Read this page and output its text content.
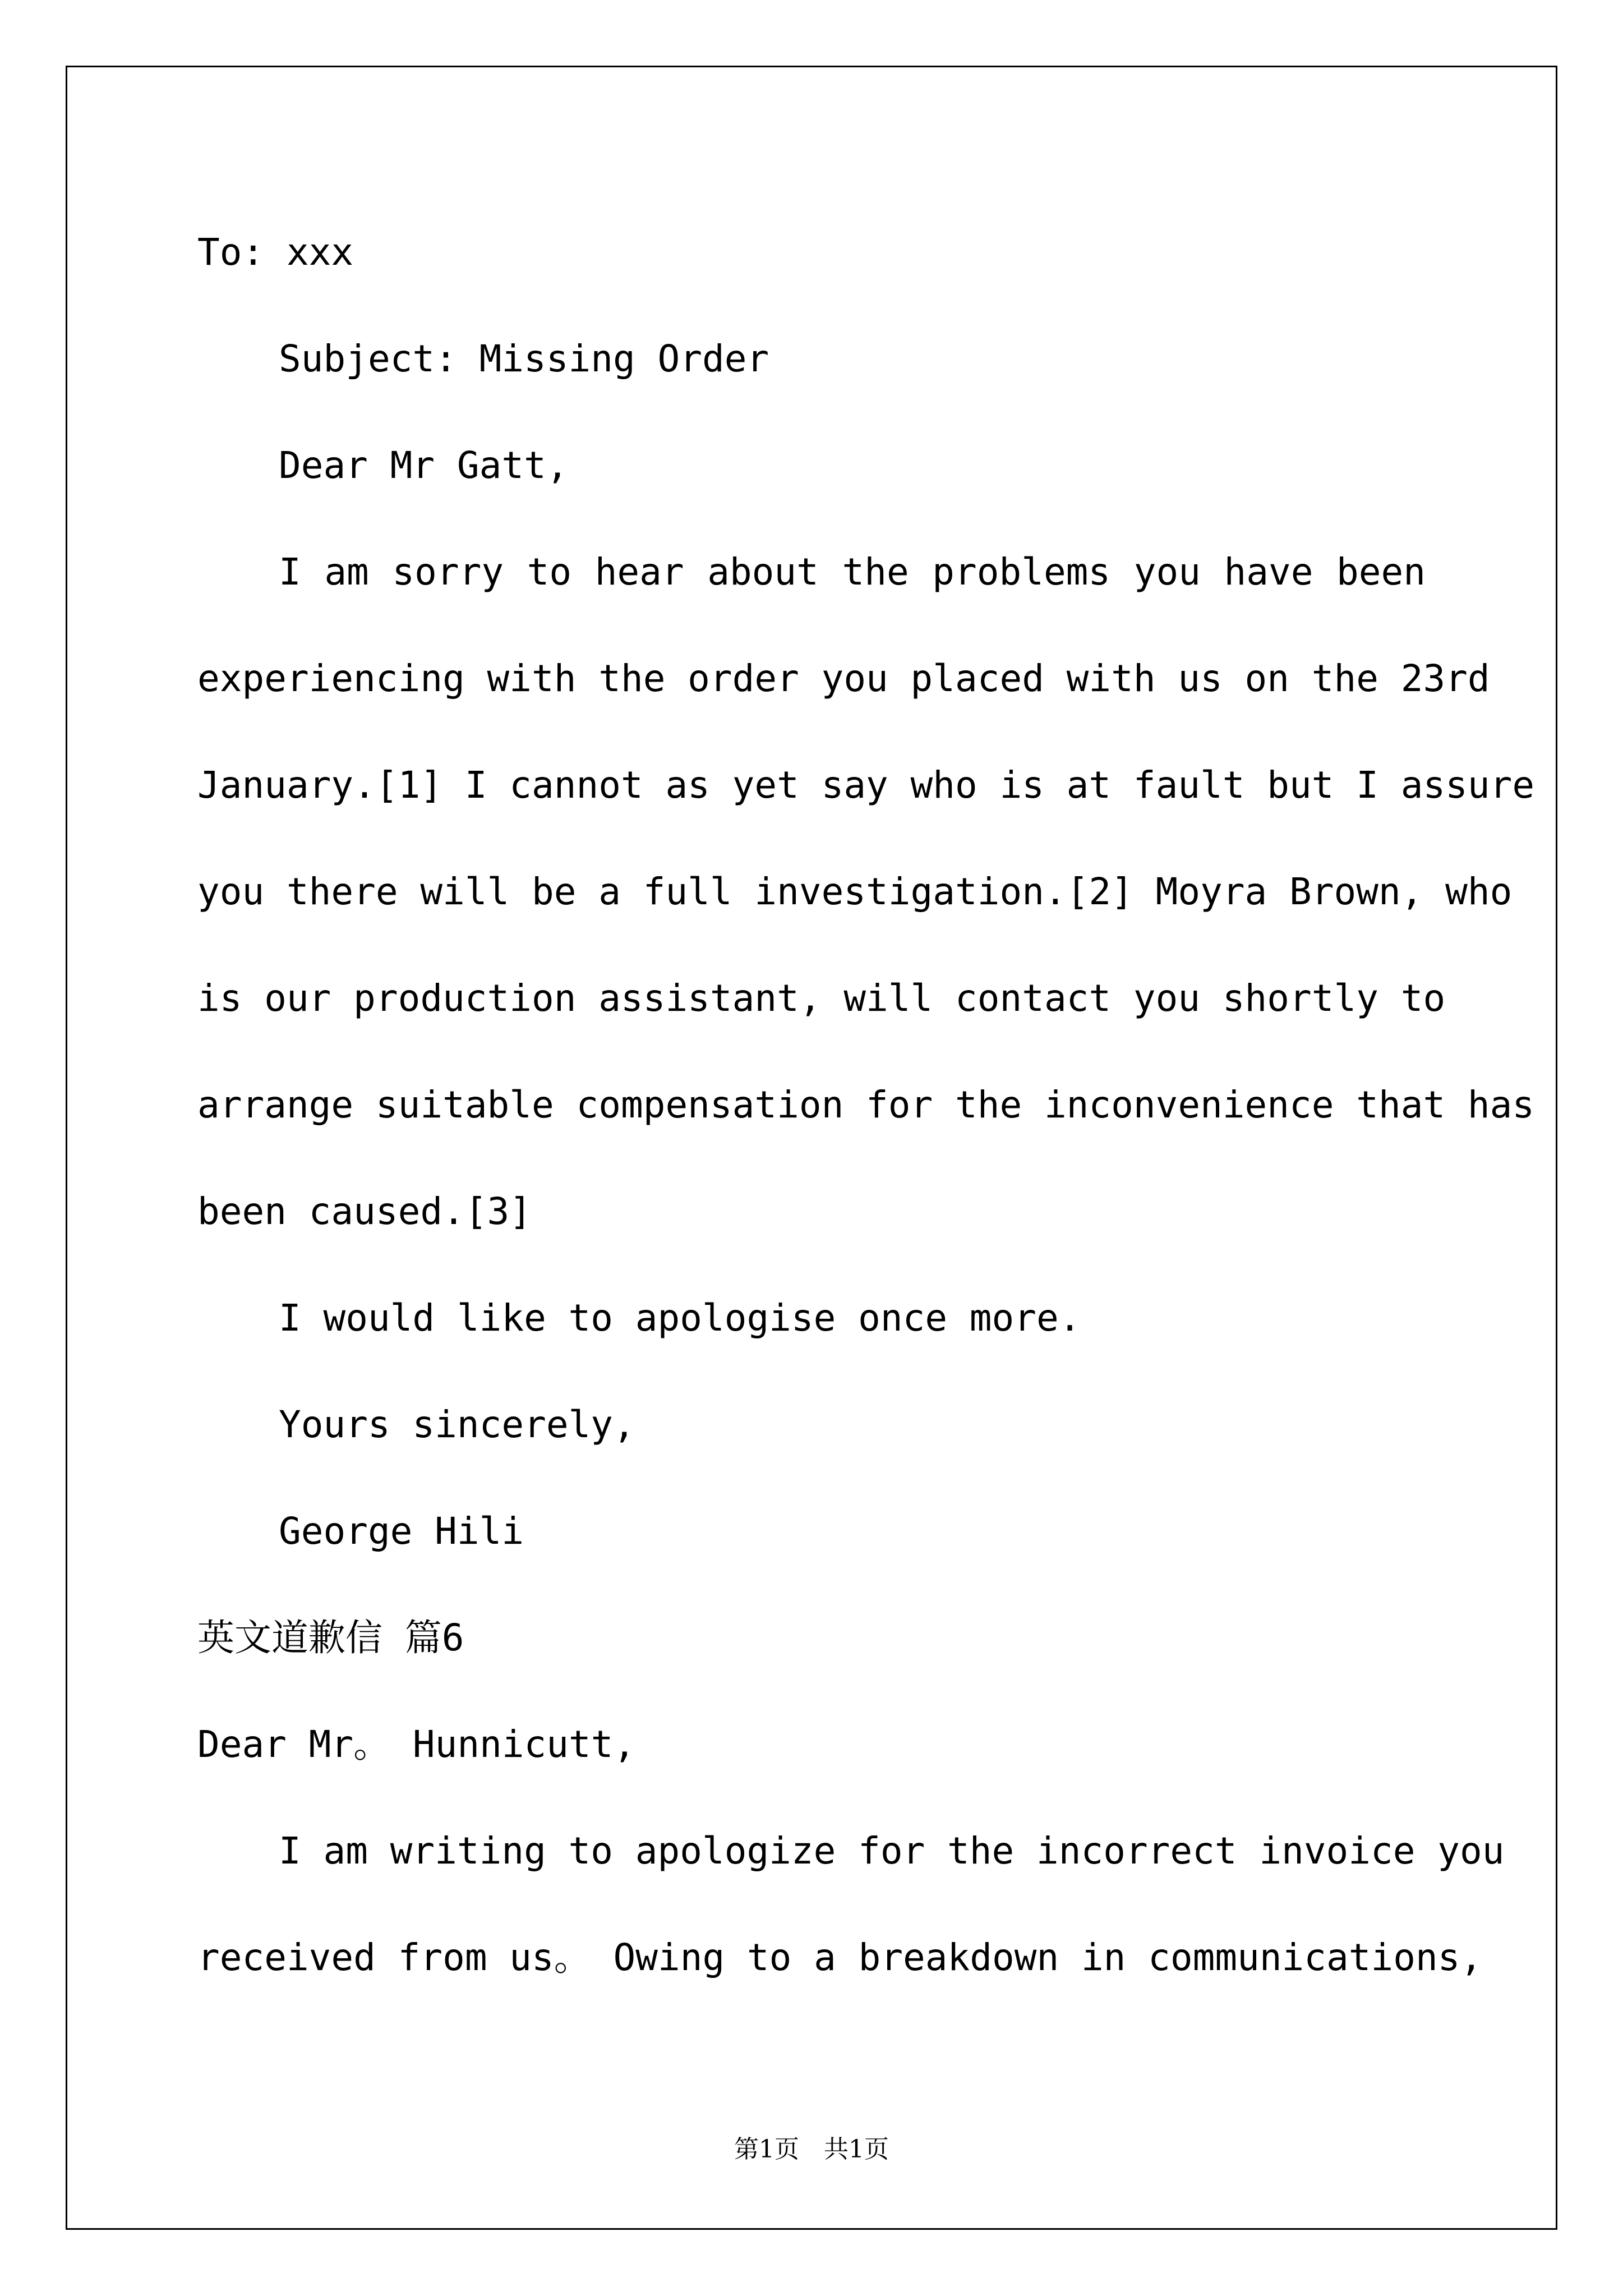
To: xxx
Subject: Missing Order
Dear Mr Gatt,
I am sorry to hear about the problems you have been
experiencing with the order you placed with us on the 23rd
January.[1] I cannot as yet say who is at fault but I assure
you there will be a full investigation.[2] Moyra Brown, who
is our production assistant, will contact you shortly to
arrange suitable compensation for the inconvenience that has
been caused.[3]
I would like to apologise once more.
Yours sincerely,
George Hili
英文道歉信 篇6
Dear Mr。 Hunnicutt,
I am writing to apologize for the incorrect invoice you
received from us。 Owing to a breakdown in communications,
第1页　共1页
